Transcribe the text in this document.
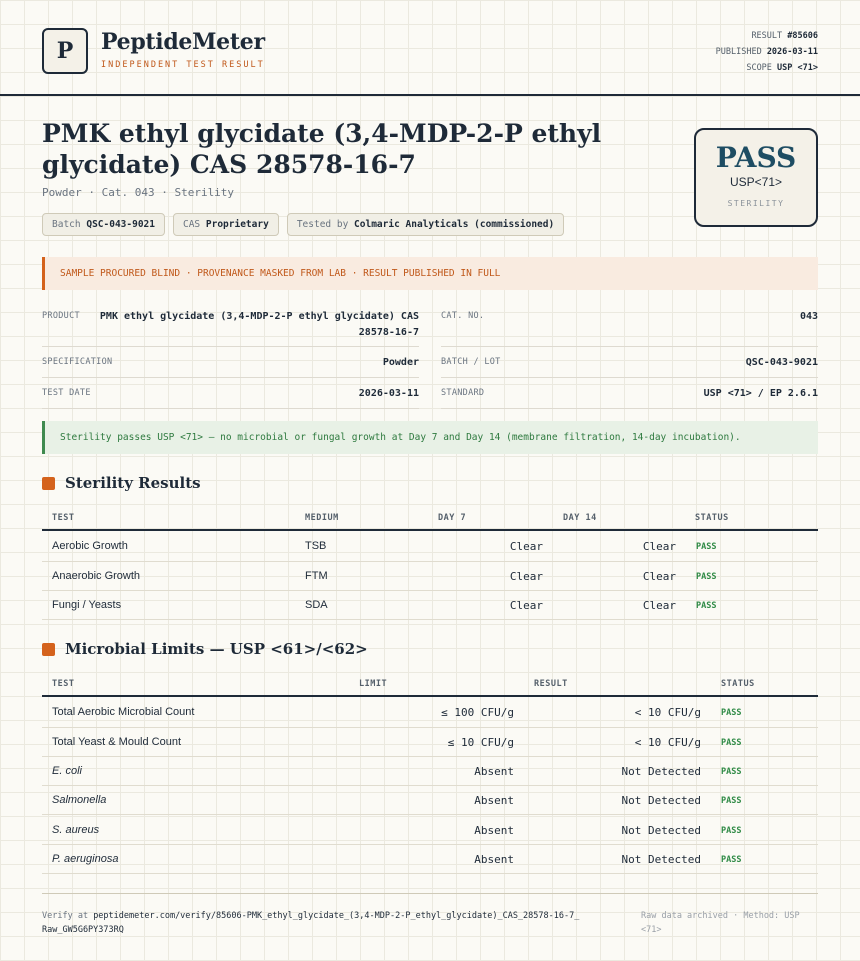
P	PeptideMeter
INDEPENDENT TEST RESULT
RESULT #85606
PUBLISHED 2026-03-11
SCOPE USP <71>
PMK ethyl glycidate (3,4-MDP-2-P ethyl glycidate) CAS 28578-16-7
Powder · Cat. 043 · Sterility
Batch QSC-043-9021	CAS Proprietary	Tested by Colmaric Analyticals (commissioned)
PASS
USP<71>
STERILITY
SAMPLE PROCURED BLIND · PROVENANCE MASKED FROM LAB · RESULT PUBLISHED IN FULL
PRODUCT	PMK ethyl glycidate (3,4-MDP-2-P ethyl glycidate) CAS 28578-16-7
CAT. NO.	043
SPECIFICATION	Powder	BATCH / LOT	QSC-043-9021
TEST DATE	2026-03-11	STANDARD	USP <71> / EP 2.6.1
Sterility passes USP <71> — no microbial or fungal growth at Day 7 and Day 14 (membrane filtration, 14-day incubation).
Sterility Results
TEST	MEDIUM	DAY 7	DAY 14	STATUS
Aerobic Growth	TSB	Clear	Clear PASS
Anaerobic Growth	FTM	Clear	Clear PASS
Fungi / Yeasts	SDA	Clear	Clear PASS
Microbial Limits — USP <61>/<62>
TEST	LIMIT	RESULT	STATUS
Total Aerobic Microbial Count	≤ 100 CFU/g	< 10 CFU/g PASS
Total Yeast & Mould Count	≤ 10 CFU/g	< 10 CFU/g PASS
E. coli	Absent	Not Detected PASS
Salmonella	Absent	Not Detected PASS
S. aureus	Absent	Not Detected PASS
P. aeruginosa	Absent	Not Detected PASS
Verify at peptidemeter.com/verify/85606-PMK_ethyl_glycidate_(3,4-MDP-2-P_ethyl_glycidate)_CAS_28578-16-7_Raw_GW5G6PY373RQ
Raw data archived · Method: USP <71>
